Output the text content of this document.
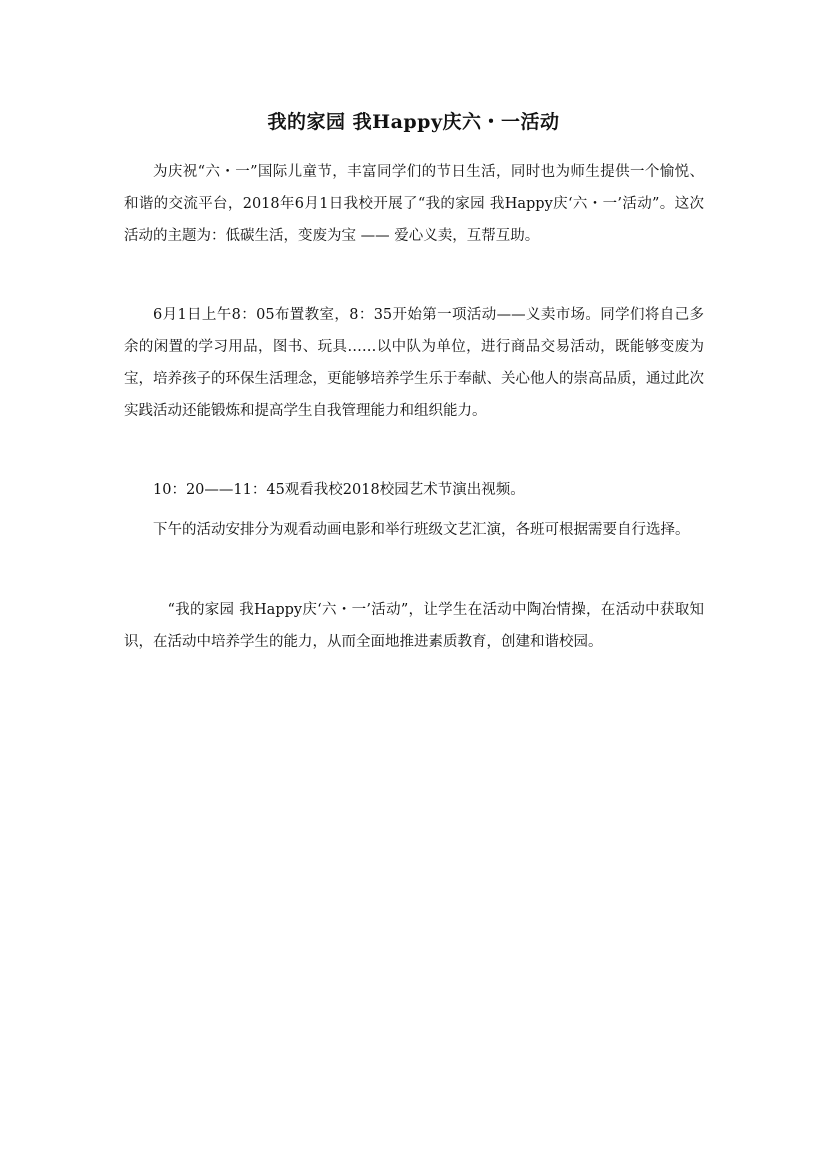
我的家园 我Happy庆六・一活动

为庆祝“六・一”国际儿童节，丰富同学们的节日生活，同时也为师生提供一个愉悦、和谐的交流平台，2018年6月1日我校开展了“我的家园 我Happy庆‘六・一’活动”。这次活动的主题为：低碳生活，变废为宝 —— 爱心义卖，互帮互助。

6月1日上午8：05布置教室，8：35开始第一项活动——义卖市场。同学们将自己多余的闲置的学习用品，图书、玩具……以中队为单位，进行商品交易活动，既能够变废为宝，培养孩子的环保生活理念，更能够培养学生乐于奉献、关心他人的崇高品质，通过此次实践活动还能锻炼和提高学生自我管理能力和组织能力。

10：20——11：45观看我校2018校园艺术节演出视频。

下午的活动安排分为观看动画电影和举行班级文艺汇演，各班可根据需要自行选择。

“我的家园 我Happy庆‘六・一’活动”，让学生在活动中陶冶情操，在活动中获取知识，在活动中培养学生的能力，从而全面地推进素质教育，创建和谐校园。
